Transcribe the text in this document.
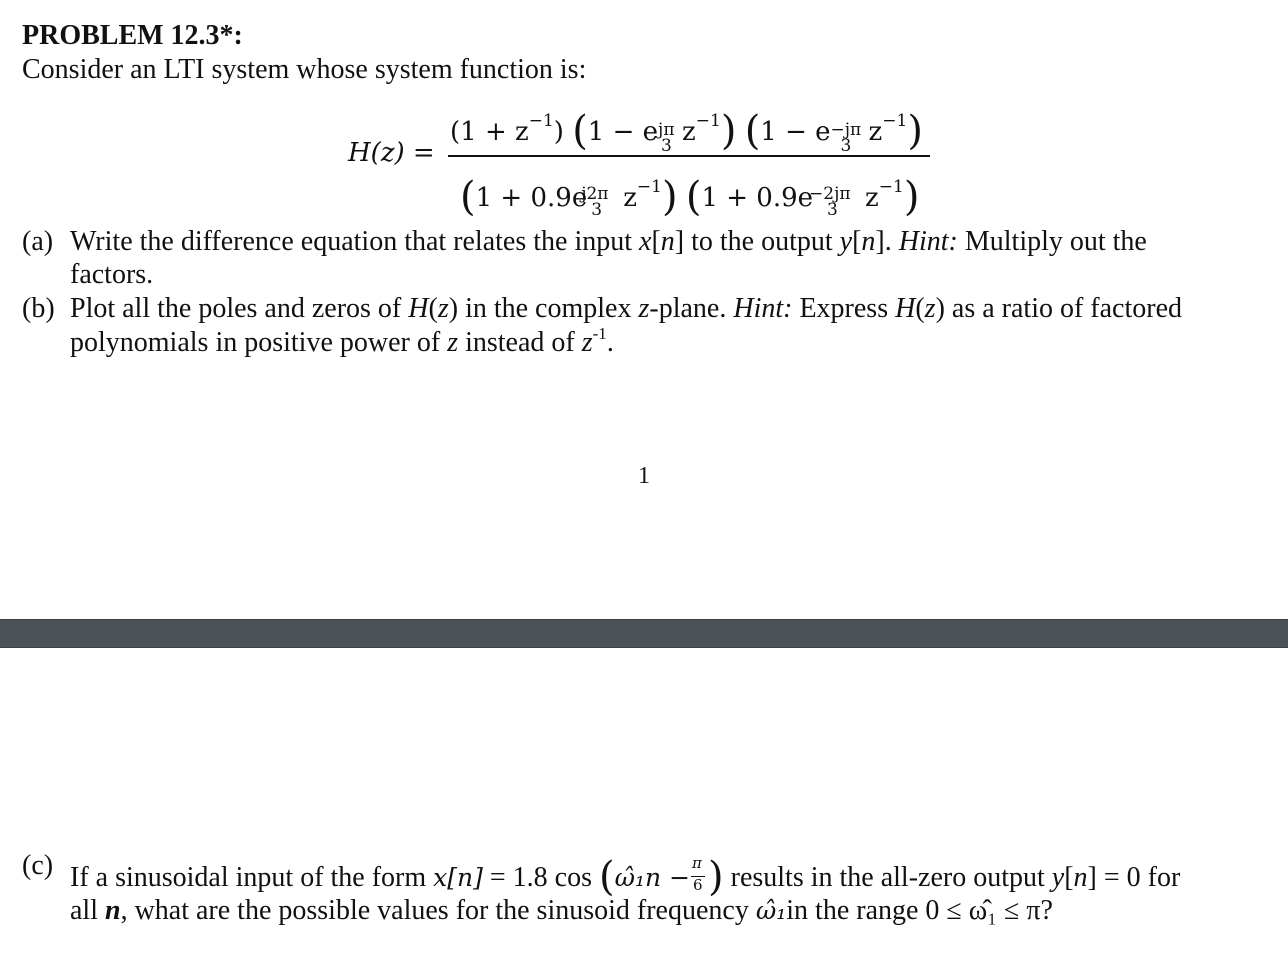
PROBLEM 12.3*:
Consider an LTI system whose system function is:
H(z) =
$(1 + z^{-1})$ (1 − e jπ
3 $z^{-1}$) (1 − e −jπ
3 $z^{-1}$)
(1 + 0.9e
j2π
3 $z^{-1}$) (1 + 0.9e
−2jπ
3 $z^{-1}$)
(a) Write the difference equation that relates the input x[n] to the output y[n]. Hint: Multiply out the
factors.
(b) Plot all the poles and zeros of H(z) in the complex z-plane. Hint: Express H(z) as a ratio of factored
polynomials in positive power of z instead of $z^{-1}$.
1
(c) If a sinusoidal input of the form x[n] = 1.8 cos (ω̂₁n − $\frac{\pi}{6}$ ) results in the all-zero output y[n] = 0 for
all n, what are the possible values for the sinusoid frequency ω̂₁in the range 0 ≤ ω̂₁ ≤ π?
